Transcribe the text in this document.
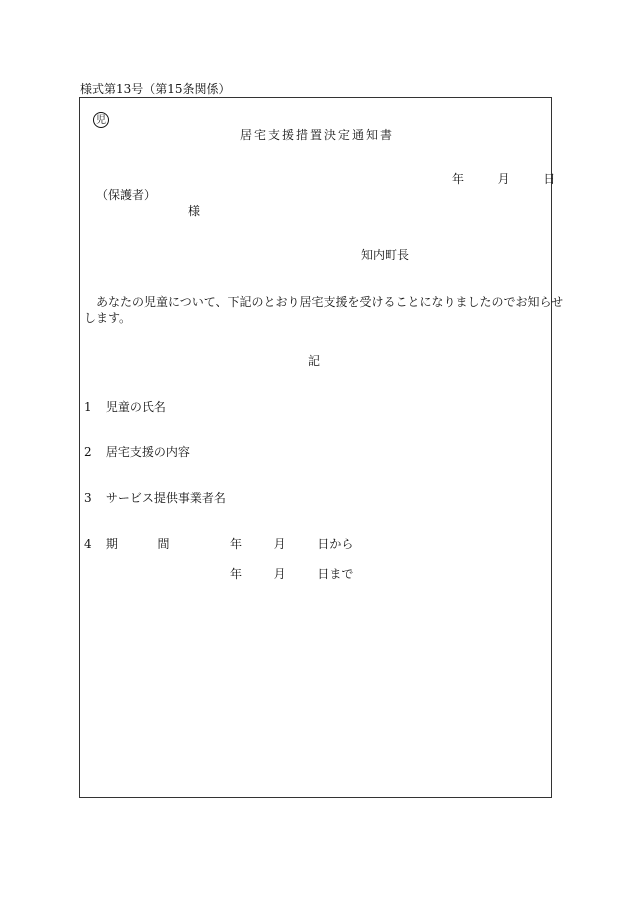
様式第13号（第15条関係）
児
居宅支援措置決定通知書
年	月	日
（保護者）
様
知内町長
あなたの児童について、下記のとおり居宅支援を受けることになりましたのでお知らせ
します。
記
1 児童の氏名
2 居宅支援の内容
3 サービス提供事業者名
4 期	間	年	月	日から
年	月	日まで
